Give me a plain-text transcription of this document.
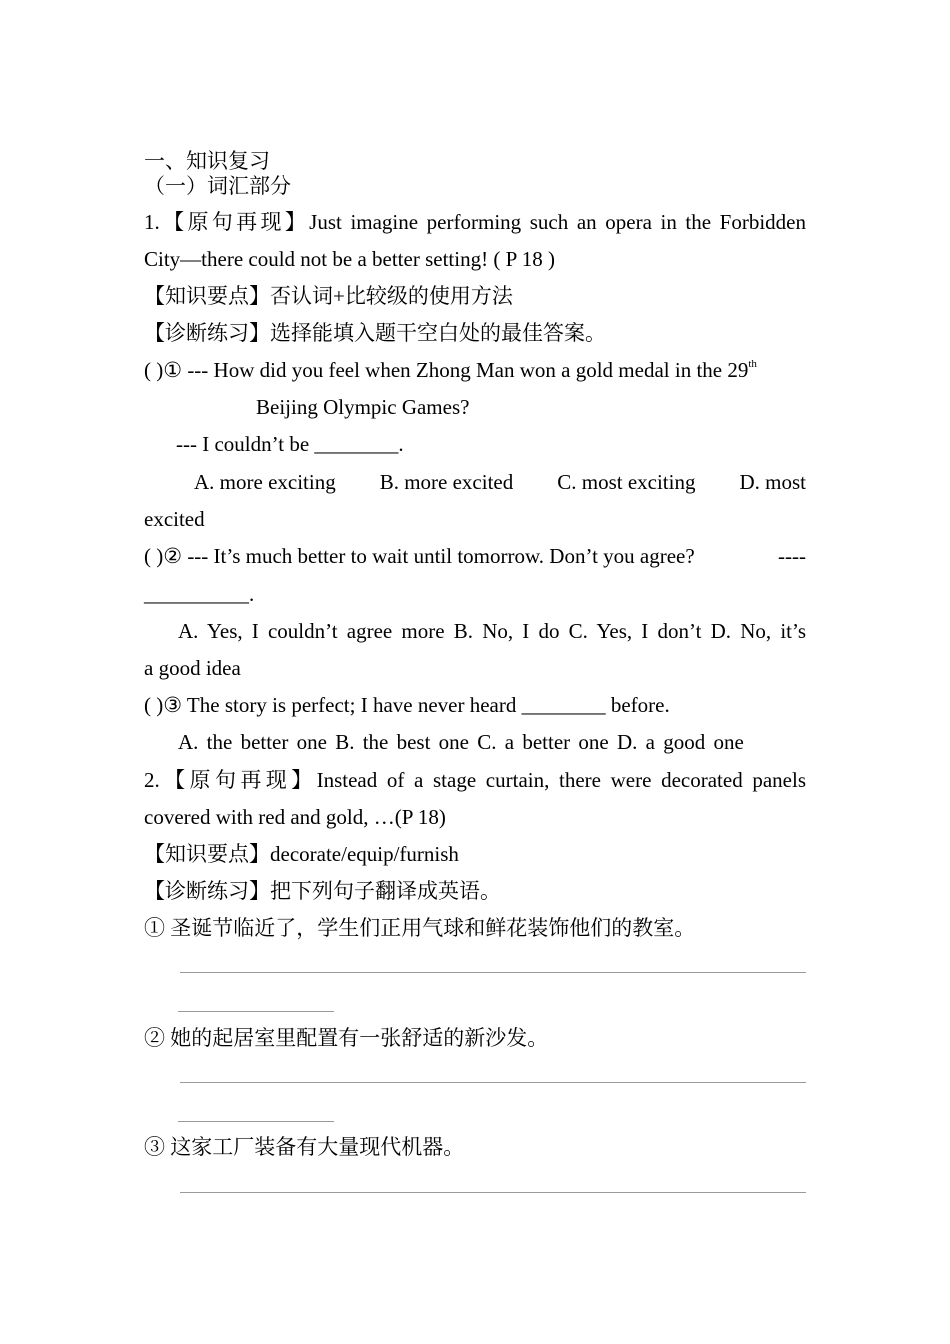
一、知识复习
（一）词汇部分
1.【原句再现】Just imagine performing such an opera in the Forbidden
City—there could not be a better setting! ( P 18 )
【知识要点】否认词+比较级的使用方法
【诊断练习】选择能填入题干空白处的最佳答案。
( )① --- How did you feel when Zhong Man won a gold medal in the 29th
Beijing Olympic Games?
--- I couldn’t be ________.
A. more exciting B. more excited C. most exciting D. most
excited
( )② --- It’s much better to wait until tomorrow. Don’t you agree?	----
__________.
A. Yes, I couldn’t agree more B. No, I do C. Yes, I don’t D. No, it’s
a good idea
( )③ The story is perfect; I have never heard ________ before.
A. the better one B. the best one C. a better one D. a good one
2.【原句再现】Instead of a stage curtain, there were decorated panels
covered with red and gold, …(P 18)
【知识要点】decorate/equip/furnish
【诊断练习】把下列句子翻译成英语。
① 圣诞节临近了，学生们正用气球和鲜花装饰他们的教室。
② 她的起居室里配置有一张舒适的新沙发。
③ 这家工厂装备有大量现代机器。
